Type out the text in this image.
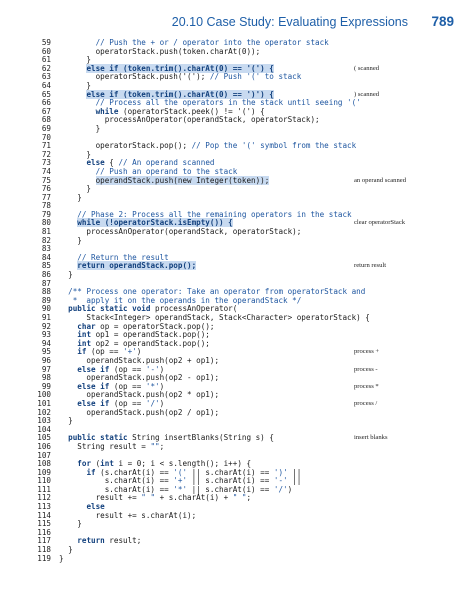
20.10 Case Study: Evaluating Expressions 789
59	// Push the + or / operator into the operator stack
60 operatorStack.push(token.charAt(0));
61 }
62	else if (token.trim().charAt(0) == '(') {	( scanned
63 operatorStack.push('('); // Push '(' to stack
64 }
65	else if (token.trim().charAt(0) == ')') {	) scanned
66	// Process all the operators in the stack until seeing '('
67	while (operatorStack.peek() != '(') {
68 processAnOperator(operandStack, operatorStack);
69 }
70
71 operatorStack.pop(); // Pop the '(' symbol from the stack
72 }
73	else { // An operand scanned
74	// Push an operand to the stack
75	operandStack.push(new Integer(token));	an operand scanned
76 }
77 }
78
79	// Phase 2: Process all the remaining operators in the stack
80	while (!operatorStack.isEmpty()) {	clear operatorStack
81 processAnOperator(operandStack, operatorStack);
82 }
83
84	// Return the result
85	return operandStack.pop();	return result
86 }
87
88	/** Process one operator: Take an operator from operatorStack and
89	*  apply it on the operands in the operandStack */
90	public static void processAnOperator(
91 Stack<Integer> operandStack, Stack<Character> operatorStack) {
92	char op = operatorStack.pop();
93	int op1 = operandStack.pop();
94	int op2 = operandStack.pop();
95	if (op == '+')	process +
96 operandStack.push(op2 + op1);
97	else if (op == '-')	process -
98 operandStack.push(op2 - op1);
99	else if (op == '*')	process *
100 operandStack.push(op2 * op1);
101	else if (op == '/')	process /
102 operandStack.push(op2 / op1);
103 }
104
105	public static String insertBlanks(String s) {	insert blanks
106 String result = "";
107
108	for (int i = 0; i < s.length(); i++) {
109	if (s.charAt(i) == '(' || s.charAt(i) == ')' ||
110 s.charAt(i) == '+' || s.charAt(i) == '-' ||
111 s.charAt(i) == '*' || s.charAt(i) == '/')
112 result += " " + s.charAt(i) + " ";
113	else
114 result += s.charAt(i);
115 }
116
117	return result;
118 }
119 }
